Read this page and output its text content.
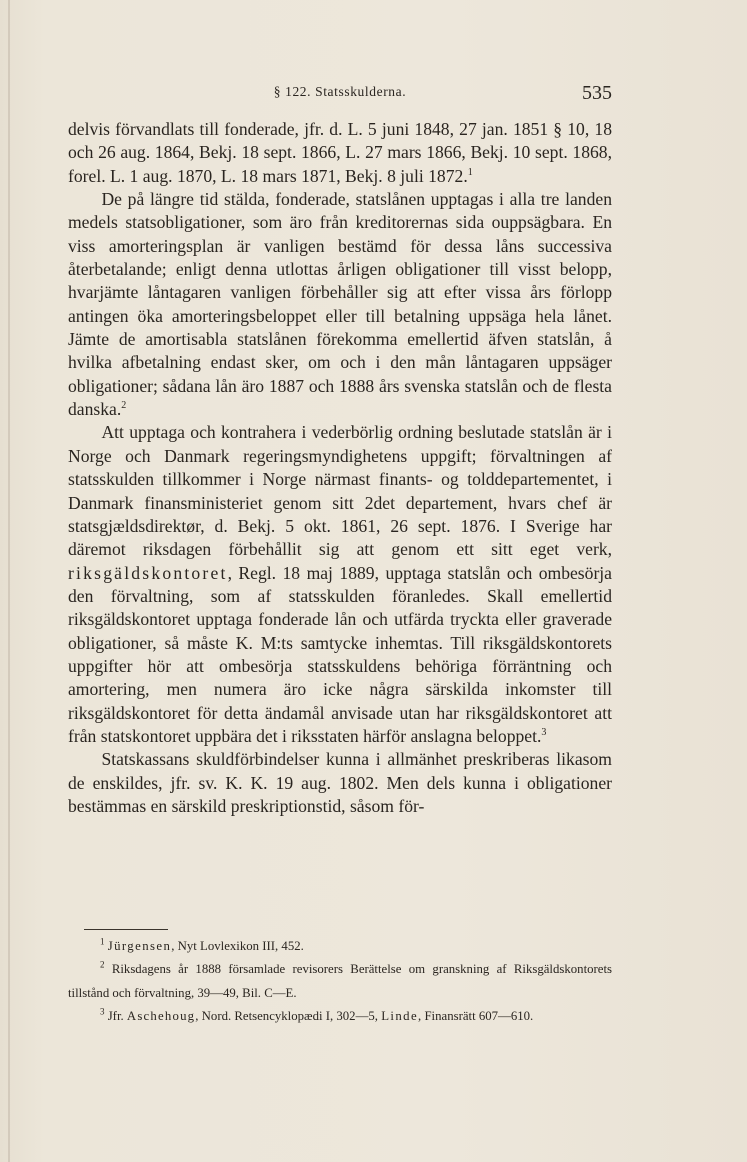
§ 122. Statsskulderna.	535

delvis förvandlats till fonderade, jfr. d. L. 5 juni 1848, 27 jan. 1851 § 10, 18 och 26 aug. 1864, Bekj. 18 sept. 1866, L. 27 mars 1866, Bekj. 10 sept. 1868, forel. L. 1 aug. 1870, L. 18 mars 1871, Bekj. 8 juli 1872.$^1$

De på längre tid stälda, fonderade, statslånen upptagas i alla tre landen medels statsobligationer, som äro från kreditorernas sida ouppsägbara. En viss amorteringsplan är vanligen bestämd för dessa låns successiva återbetalande; enligt denna utlottas årligen obligationer till visst belopp, hvarjämte låntagaren vanligen förbehåller sig att efter vissa års förlopp antingen öka amorteringsbeloppet eller till betalning uppsäga hela lånet. Jämte de amortisabla statslånen förekomma emellertid äfven statslån, å hvilka afbetalning endast sker, om och i den mån låntagaren uppsäger obligationer; sådana lån äro 1887 och 1888 års svenska statslån och de flesta danska.$^2$

Att upptaga och kontrahera i vederbörlig ordning beslutade statslån är i Norge och Danmark regeringsmyndighetens uppgift; förvaltningen af statsskulden tillkommer i Norge närmast finants- og tolddepartementet, i Danmark finansministeriet genom sitt 2det departement, hvars chef är statsgjældsdirektør, d. Bekj. 5 okt. 1861, 26 sept. 1876. I Sverige har däremot riksdagen förbehållit sig att genom ett sitt eget verk, riksgäldskontoret, Regl. 18 maj 1889, upptaga statslån och ombesörja den förvaltning, som af statsskulden föranledes. Skall emellertid riksgäldskontoret upptaga fonderade lån och utfärda tryckta eller graverade obligationer, så måste K. M:ts samtycke inhemtas. Till riksgäldskontorets uppgifter hör att ombesörja statsskuldens behöriga förräntning och amortering, men numera äro icke några särskilda inkomster till riksgäldskontoret för detta ändamål anvisade utan har riksgäldskontoret att från statskontoret uppbära det i riksstaten härför anslagna beloppet.$^3$

Statskassans skuldförbindelser kunna i allmänhet preskriberas likasom de enskildes, jfr. sv. K. K. 19 aug. 1802. Men dels kunna i obligationer bestämmas en särskild preskriptionstid, såsom för-

$^1$ Jürgensen, Nyt Lovlexikon III, 452.

$^2$ Riksdagens år 1888 församlade revisorers Berättelse om granskning af Riksgäldskontorets tillstånd och förvaltning, 39—49, Bil. C—E.

$^3$ Jfr. Aschehoug, Nord. Retsencyklopædi I, 302—5, Linde, Finansrätt 607—610.
